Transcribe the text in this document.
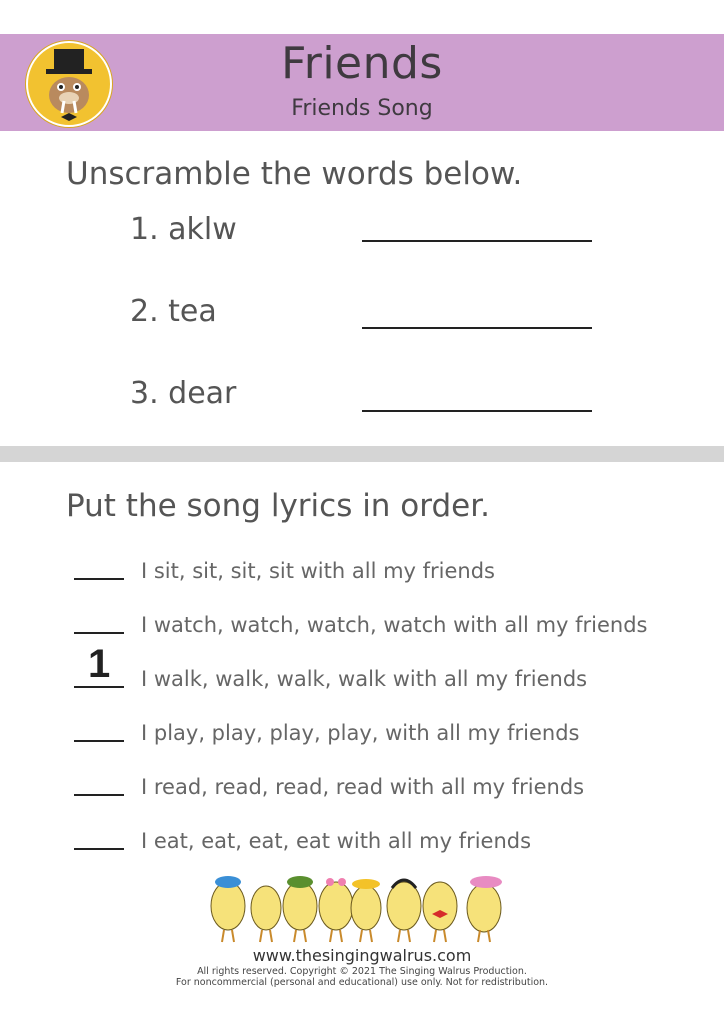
Friends
Friends Song
Unscramble the words below.
1. aklw
2. tea
3. dear
Put the song lyrics in order.
I sit, sit, sit, sit with all my friends
I watch, watch, watch, watch with all my friends
1 I walk, walk, walk, walk with all my friends
I play, play, play, play, with all my friends
I read, read, read, read with all my friends
I eat, eat, eat, eat with all my friends
www.thesingingwalrus.com
All rights reserved. Copyright © 2021 The Singing Walrus Production.
For noncommercial (personal and educational) use only. Not for redistribution.
